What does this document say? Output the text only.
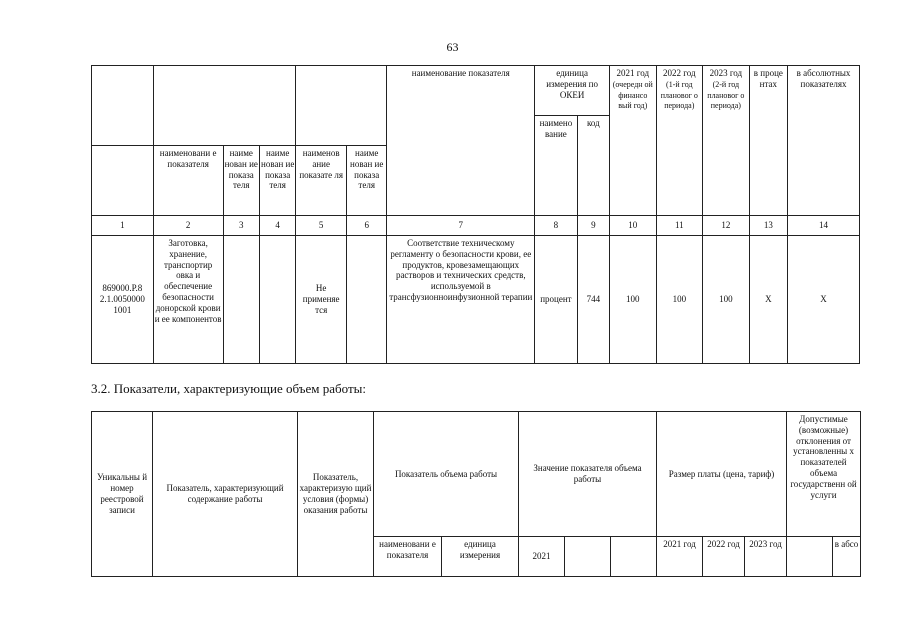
63
						наименование показателя	единица измерения по ОКЕИ		2021 год
(очередн ой финансо вый год)	2022 год
(1-й год плановог о периода)	2023 год
(2-й год плановог о периода)	в проце нтах	в абсолютных показателях
							наимено вание	код					
	наименовани е показателя	наиме нован ие показа теля	наиме нован ие показа теля	наименов ание показате ля	наиме нован ие показа теля								
1	2	3	4	5	6	7	8	9	10	11	12	13	14
869000.Р.8 2.1.0050000 1001	Заготовка, хранение, транспортир овка и обеспечение безопасности донорской крови и ее компонентов			Не применяе тся		Соответствие техническому регламенту о безопасности крови, ее продуктов, кровезамещающих растворов и технических средств, используемой в трансфузионноинфузионной терапии	процент	744	100	100	100	Х	Х
3.2. Показатели, характеризующие объем работы:
Уникальны й номер реестровой записи	Показатель, характеризующий содержание работы	Показатель, характеризую щий условия (формы) оказания работы	Показатель объема работы		Значение показателя объема работы			Размер платы (цена, тариф)			Допустимые (возможные) отклонения от установленны х показателей объема государственн ой услуги	
			наименовани е показателя	единица измерения	2021			2021 год	2022 год	2023 год		в абсо
